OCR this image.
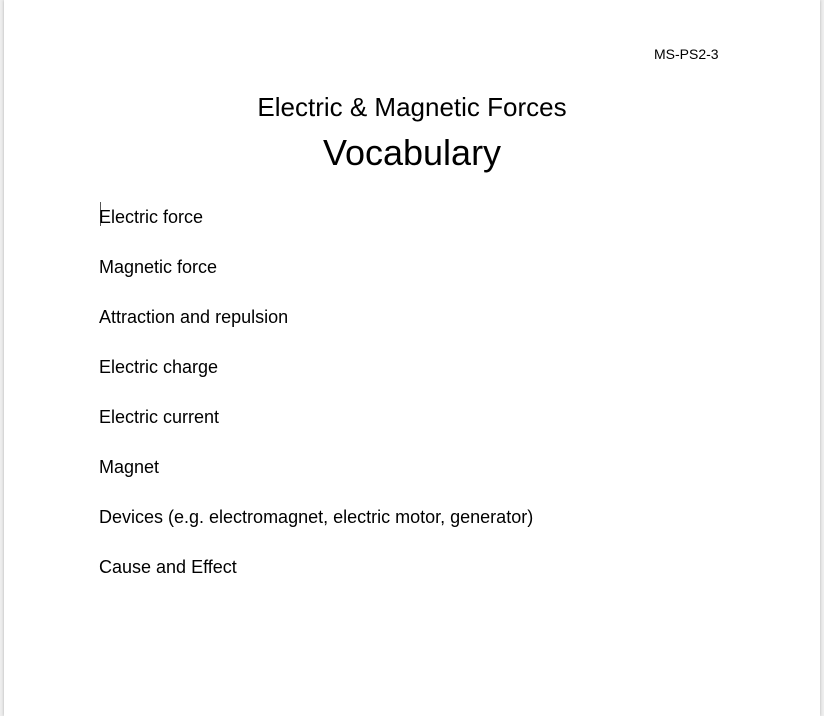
MS-PS2-3
Electric & Magnetic Forces
Vocabulary
Electric force
Magnetic force
Attraction and repulsion
Electric charge
Electric current
Magnet
Devices (e.g. electromagnet, electric motor, generator)
Cause and Effect
